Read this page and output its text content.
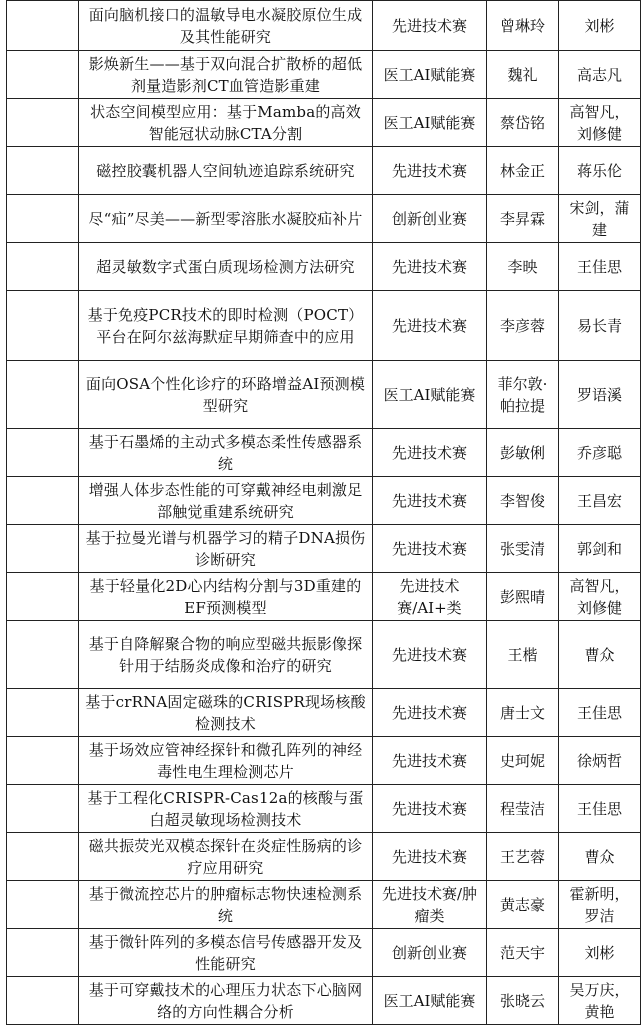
	面向脑机接口的温敏导电水凝胶原位生成及其性能研究	先进技术赛	曾琳玲	刘彬
	影焕新生——基于双向混合扩散桥的超低剂量造影剂CT血管造影重建	医工AI赋能赛	魏礼	高志凡
	状态空间模型应用：基于Mamba的高效智能冠状动脉CTA分割	医工AI赋能赛	蔡岱铭	高智凡，刘修健
	磁控胶囊机器人空间轨迹追踪系统研究	先进技术赛	林金正	蒋乐伦
	尽“疝”尽美——新型零溶胀水凝胶疝补片	创新创业赛	李昇霖	宋剑，蒲建
	超灵敏数字式蛋白质现场检测方法研究	先进技术赛	李映	王佳思
	基于免疫PCR技术的即时检测（POCT）平台在阿尔兹海默症早期筛查中的应用	先进技术赛	李彦蓉	易长青
	面向OSA个性化诊疗的环路增益AI预测模型研究	医工AI赋能赛	菲尔敦·帕拉提	罗语溪
	基于石墨烯的主动式多模态柔性传感器系统	先进技术赛	彭敏俐	乔彦聪
	增强人体步态性能的可穿戴神经电刺激足部触觉重建系统研究	先进技术赛	李智俊	王昌宏
	基于拉曼光谱与机器学习的精子DNA损伤诊断研究	先进技术赛	张雯清	郭剑和
	基于轻量化2D心内结构分割与3D重建的EF预测模型	先进技术赛/AI+类	彭熙晴	高智凡，刘修健
	基于自降解聚合物的响应型磁共振影像探针用于结肠炎成像和治疗的研究	先进技术赛	王楷	曹众
	基于crRNA固定磁珠的CRISPR现场核酸检测技术	先进技术赛	唐士文	王佳思
	基于场效应管神经探针和微孔阵列的神经毒性电生理检测芯片	先进技术赛	史珂妮	徐炳哲
	基于工程化CRISPR-Cas12a的核酸与蛋白超灵敏现场检测技术	先进技术赛	程莹洁	王佳思
	磁共振荧光双模态探针在炎症性肠病的诊疗应用研究	先进技术赛	王艺蓉	曹众
	基于微流控芯片的肿瘤标志物快速检测系统	先进技术赛/肿瘤类	黄志豪	霍新明，罗洁
	基于微针阵列的多模态信号传感器开发及性能研究	创新创业赛	范天宇	刘彬
	基于可穿戴技术的心理压力状态下心脑网络的方向性耦合分析	医工AI赋能赛	张晓云	吴万庆，黄艳
